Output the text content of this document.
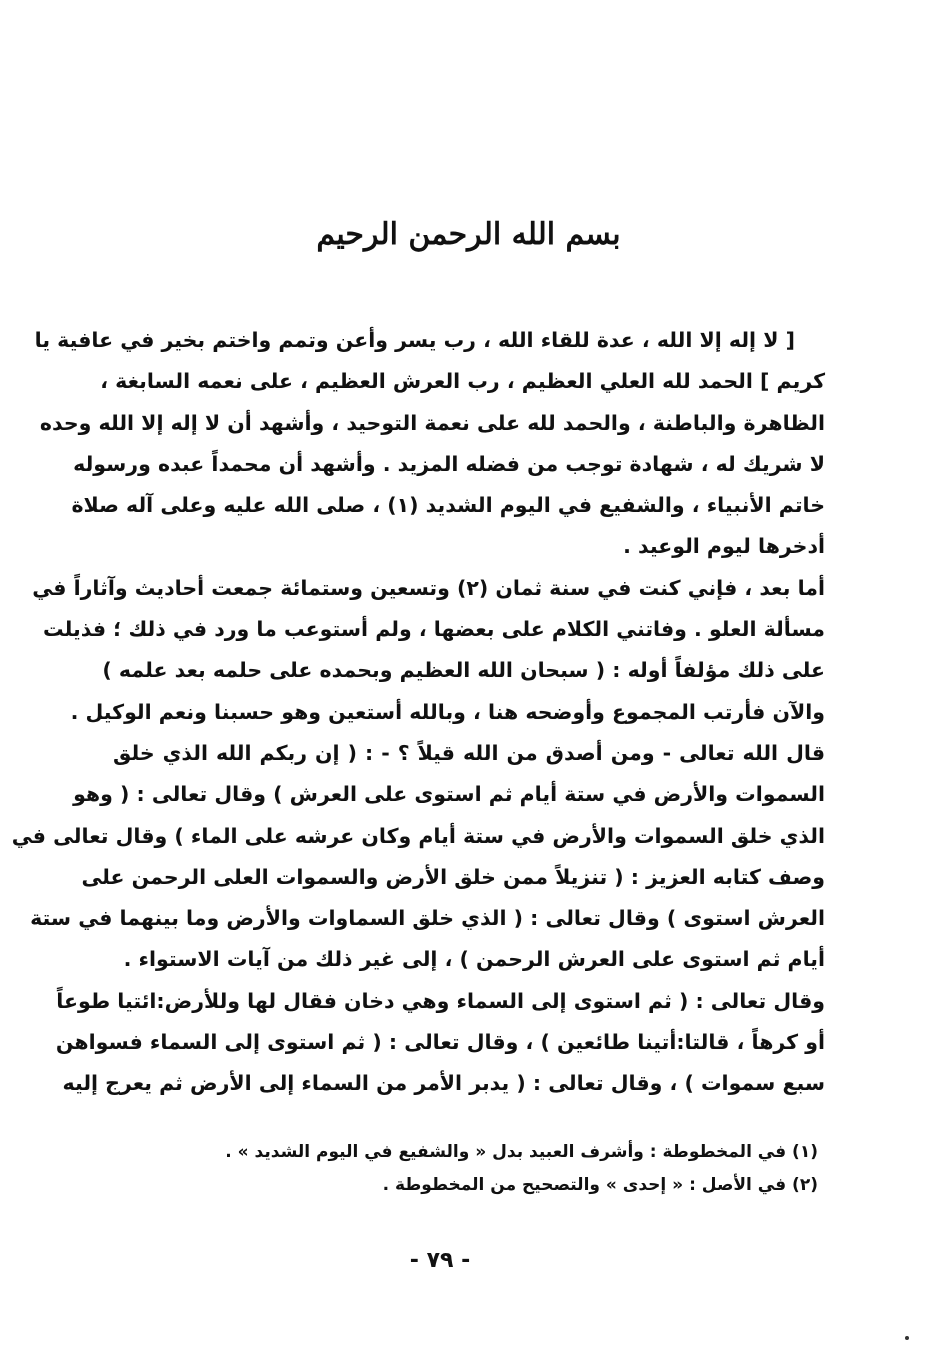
بسم الله الرحمن الرحيم
[ لا إله إلا الله ، عدة للقاء الله ، رب يسر وأعن وتمم واختم بخير في عافية يا
كريم ] الحمد لله العلي العظيم ، رب العرش العظيم ، على نعمه السابغة ،
الظاهرة والباطنة ، والحمد لله على نعمة التوحيد ، وأشهد أن لا إله إلا الله وحده
لا شريك له ، شهادة توجب من فضله المزيد . وأشهد أن محمداً عبده ورسوله
خاتم الأنبياء ، والشفيع في اليوم الشديد (١) ، صلى الله عليه وعلى آله صلاة
أدخرها ليوم الوعيد .
أما بعد ، فإني كنت في سنة ثمان (٢) وتسعين وستمائة جمعت أحاديث وآثاراً في
مسألة العلو . وفاتني الكلام على بعضها ، ولم أستوعب ما ورد في ذلك ؛ فذيلت
على ذلك مؤلفاً أوله : ( سبحان الله العظيم وبحمده على حلمه بعد علمه )
والآن فأرتب المجموع وأوضحه هنا ، وبالله أستعين وهو حسبنا ونعم الوكيل .
قال الله تعالى - ومن أصدق من الله قيلاً ؟ - : ( إن ربكم الله الذي خلق
السموات والأرض في ستة أيام ثم استوى على العرش ) وقال تعالى : ( وهو
الذي خلق السموات والأرض في ستة أيام وكان عرشه على الماء ) وقال تعالى في
وصف كتابه العزيز : ( تنزيلاً ممن خلق الأرض والسموات العلى الرحمن على
العرش استوى ) وقال تعالى : ( الذي خلق السماوات والأرض وما بينهما في ستة
أيام ثم استوى على العرش الرحمن ) ، إلى غير ذلك من آيات الاستواء .
وقال تعالى : ( ثم استوى إلى السماء وهي دخان فقال لها وللأرض:ائتيا طوعاً
أو كرهاً ، قالتا:أتينا طائعين ) ، وقال تعالى : ( ثم استوى إلى السماء فسواهن
سبع سموات ) ، وقال تعالى : ( يدبر الأمر من السماء إلى الأرض ثم يعرج إليه
(١) في المخطوطة : وأشرف العبيد بدل « والشفيع في اليوم الشديد » .
(٢) في الأصل : « إحدى » والتصحيح من المخطوطة .
- ٧٩ -
